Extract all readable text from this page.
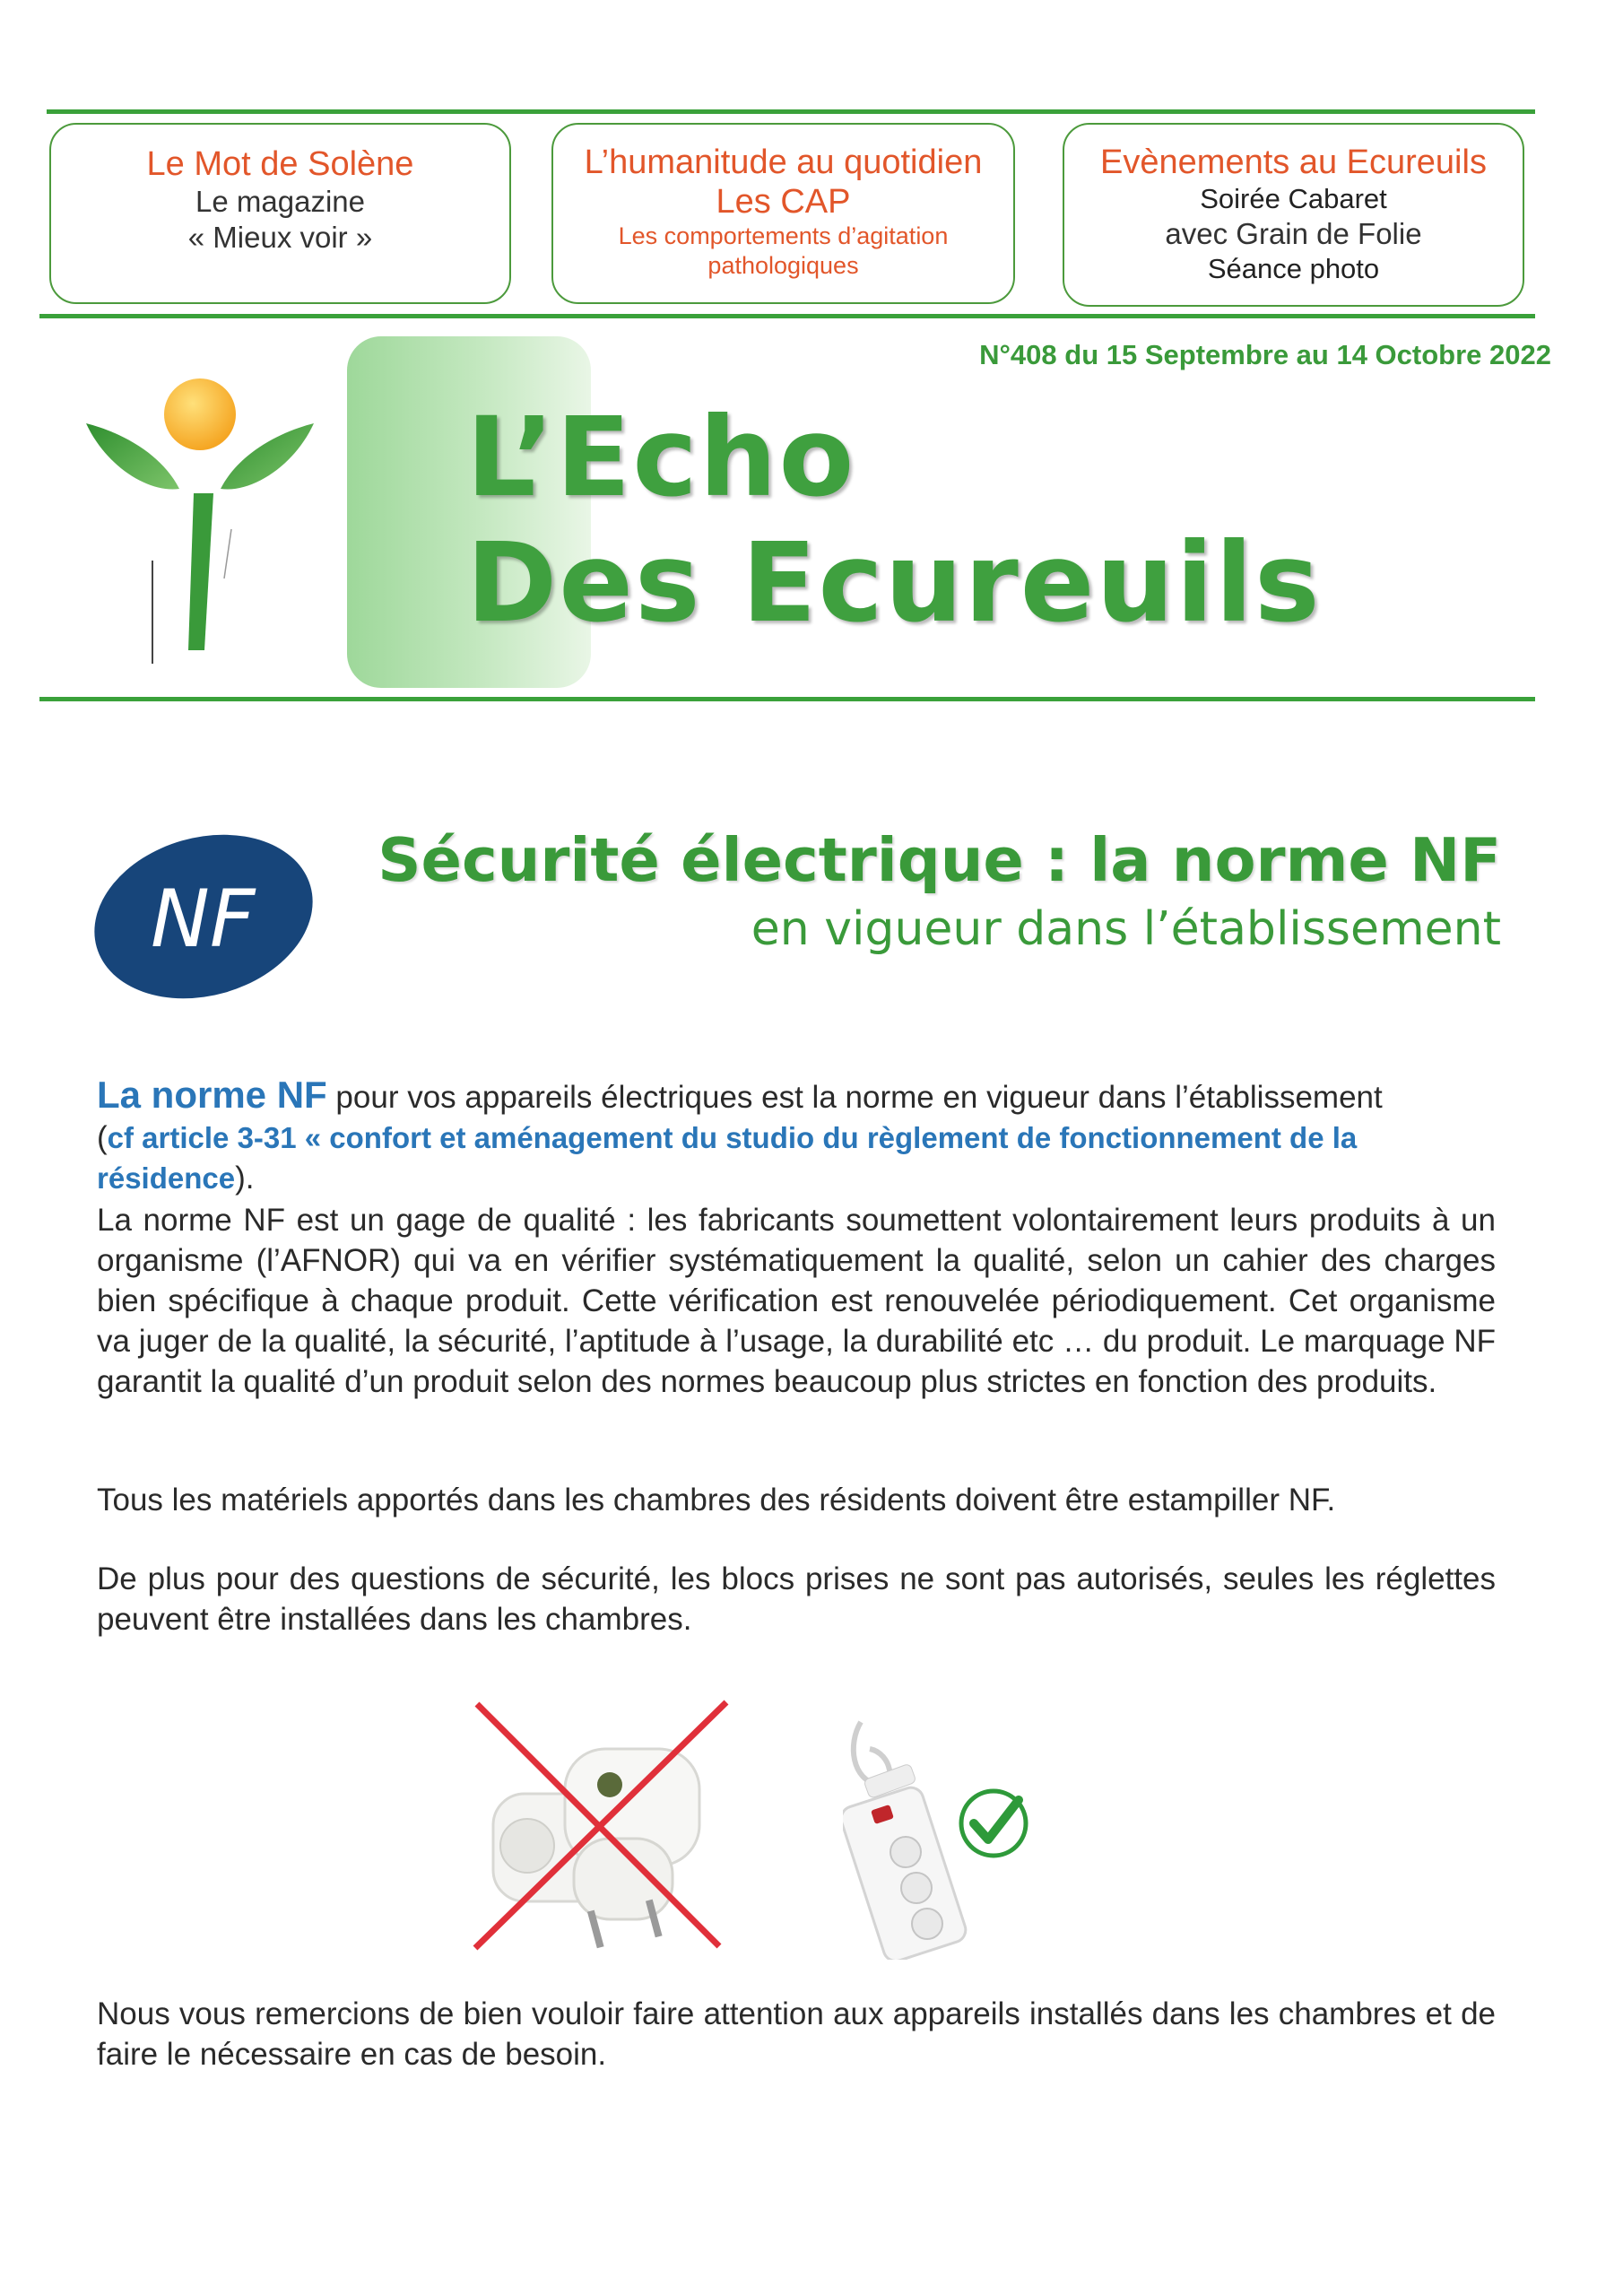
Le Mot de Solène
Le magazine
« Mieux voir »
L’humanitude au quotidien
Les CAP
Les comportements d’agitation
pathologiques
Evènements au Ecureuils
Soirée Cabaret
avec Grain de Folie
Séance photo
N°408 du 15 Septembre au 14 Octobre 2022
L’Echo
Des Ecureuils
NF
Sécurité électrique : la norme NF
en vigueur dans l’établissement
La norme NF pour vos appareils électriques est la norme en vigueur dans l’établissement
(cf article 3-31 « confort et aménagement du studio du règlement de fonctionnement de la résidence).
La norme NF est un gage de qualité : les fabricants soumettent volontairement leurs produits à un organisme (l’AFNOR) qui va en vérifier systématiquement la qualité, selon un cahier des charges bien spécifique à chaque produit. Cette vérification est renouvelée périodiquement. Cet organisme va juger de la qualité, la sécurité, l’aptitude à l’usage, la durabilité etc … du produit. Le marquage NF garantit la qualité d’un produit selon des normes beaucoup plus strictes en fonction des produits.
Tous les matériels apportés dans les chambres des résidents doivent être estampiller NF.
De plus pour des questions de sécurité, les blocs prises ne sont pas autorisés, seules les réglettes peuvent être installées dans les chambres.
Nous vous remercions de bien vouloir faire attention aux appareils installés dans les chambres et de faire le nécessaire en cas de besoin.
